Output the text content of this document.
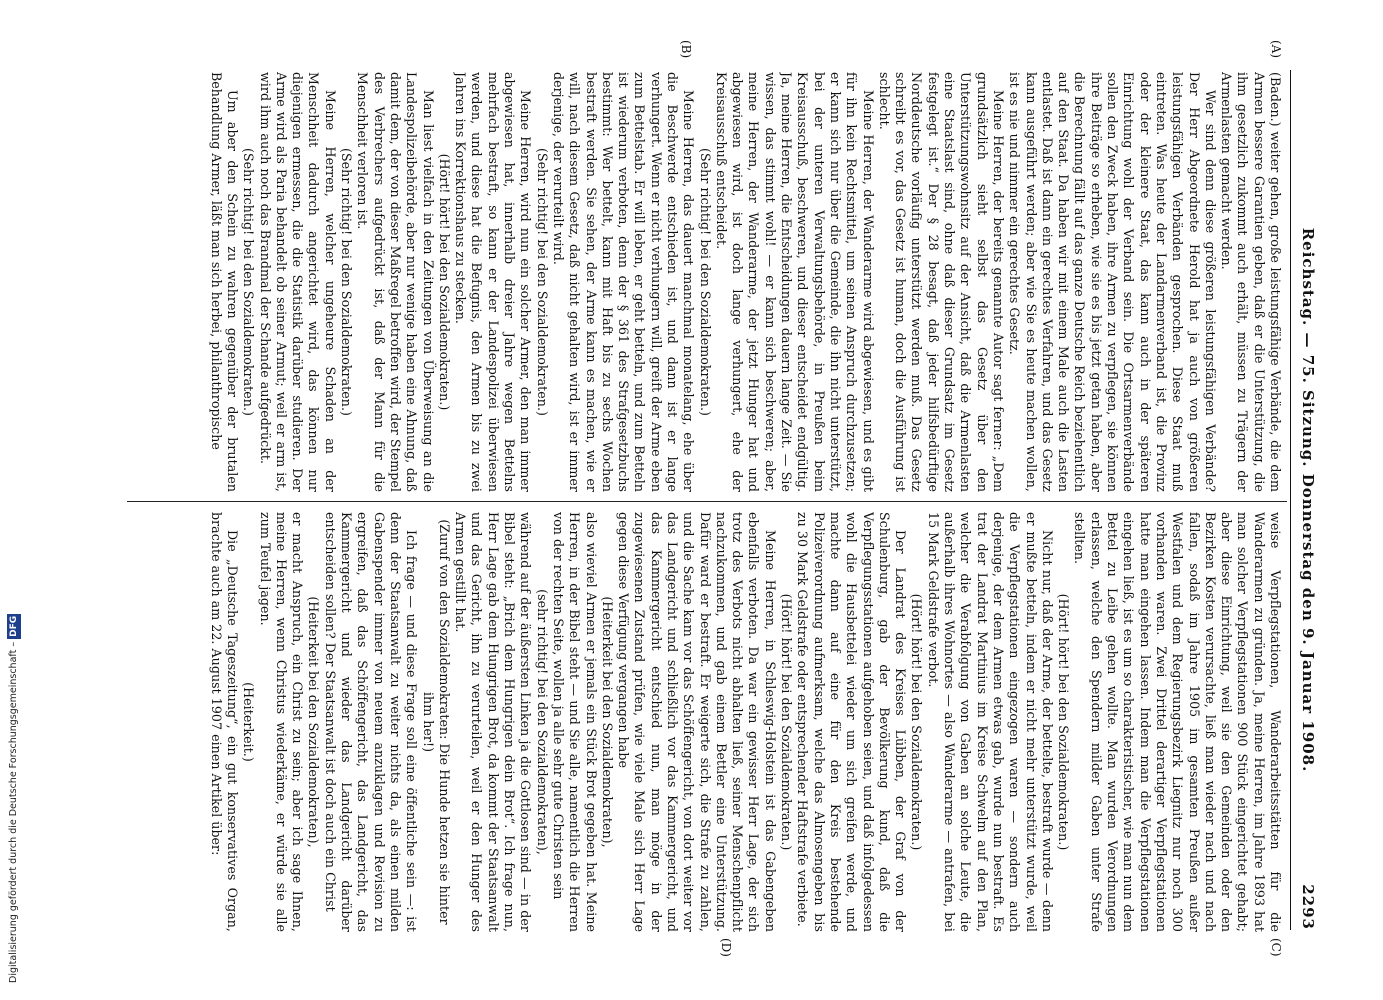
Digitalisierung gefördert durch die Deutsche Forschungsgemeinschaft – DFG	Reichstag. — 75. Sitzung. Donnerstag den 9. Januar 1908.
2293
(A)
(B)
(C)
(D)

(Baden.) weiter gehen, große leistungsfähige Verbände, die dem Armen bessere Garantien geben, daß er die Unterstützung, die ihm gesetzlich zukommt auch erhält, müssen zu Trägern der Armenlasten gemacht werden.

Wer sind denn diese größeren leistungsfähigen Verbände? Der Herr Abgeordnete Herold hat ja auch von größeren leistungsfähigen Verbänden gesprochen. Diese Staat muß eintreten. Was heute der Landarmenverband ist, die Provinz oder der kleinere Staat, das kann auch in der späteren Einrichtung wohl der Verband sein. Die Ortsarmenverbände sollen den Zweck haben, ihre Armen zu verpflegen, sie können ihre Beiträge so erheben, wie sie es bis jetzt getan haben, aber die Berechnung fällt auf das ganze Deutsche Reich beziehentlich auf den Staat. Da haben wir mit einem Male auch die Lasten entlastet. Daß ist dann ein gerechtes Verfahren, und das Gesetz kann ausgeführt werden; aber wie Sie es heute machen wollen, ist es nie und nimmer ein gerechtes Gesetz.

Meine Herren, der bereits genannte Autor sagt ferner: „Dem grundsätzlich sieht selbst das Gesetz über den Unterstützungswohnsitz auf der Ansicht, daß die Armenlasten eine Staatslast sind, ohne daß dieser Grundsatz im Gesetz festgelegt ist.“ Der § 28 besagt, daß jeder hilfsbedürftige Norddeutsche vorläufig unterstützt werden muß. Das Gesetz schreibt es vor, das Gesetz ist human, doch die Ausführung ist schlecht.

Meine Herren, der Wanderarme wird abgewiesen, und es gibt für ihn kein Rechtsmittel, um seinen Anspruch durchzusetzen; er kann sich nur über die Gemeinde, die ihn nicht unterstützt, bei der unteren Verwaltungsbehörde, in Preußen beim Kreisausschuß, beschweren, und dieser entscheidet endgültig. Ja, meine Herren, die Entscheidungen dauern lange Zeit. — Sie wissen, das stimmt wohl! — er kann sich beschweren; aber, meine Herren, der Wanderarme, der jetzt Hunger hat und abgewiesen wird, ist doch lange verhungert, ehe der Kreisausschuß entscheidet.

(Sehr richtig! bei den Sozialdemokraten.)

Meine Herren, das dauert manchmal monatelang, ehe über die Beschwerde entschieden ist, und dann ist er lange verhungert. Wenn er nicht verhungern will, greift der Arme eben zum Bettelstab. Er will leben, er geht betteln, und zum Betteln ist wiederum verboten, denn der § 361 des Strafgesetzbuchs bestimmt: Wer bettelt, kann mit Haft bis zu sechs Wochen bestraft werden. Sie sehen, der Arme kann es machen, wie er will, nach diesem Gesetz, daß nicht gehalten wird, ist er immer derjenige, der verurteilt wird.

(Sehr richtig! bei den Sozialdemokraten.)

Meine Herren, wird nun ein solcher Armer, den man immer abgewiesen hat, innerhalb dreier Jahre wegen Bettelns mehrfach bestraft, so kann er der Landespolizei überwiesen werden, und diese hat die Befugnis, den Armen bis zu zwei Jahren ins Korrektionshaus zu stecken.

(Hört! hört! bei den Sozialdemokraten.)

Man liest vielfach in den Zeitungen von Überweisung an die Landespolizeibehörde, aber nur wenige haben eine Ahnung, daß damit dem, der von dieser Maßregel betroffen wird, der Stempel des Verbrechers aufgedrückt ist, daß der Mann für die Menschheit verloren ist.

(Sehr richtig! bei den Sozialdemokraten.)

Meine Herren, welcher ungeheure Schaden an der Menschheit dadurch angerichtet wird, das können nur diejenigen ermessen, die die Statistik darüber studieren. Der Arme wird als Paria behandelt ob seiner Armut; weil er arm ist, wird ihm auch noch das Brandmal der Schande aufgedrückt.

(Sehr richtig! bei den Sozialdemokraten.)

Um aber den Schein zu wahren gegenüber der brutalen Behandlung Armer, läßt man sich herbei, philanthropische

weise Verpflegstationen, Wanderarbeitsstätten für die Wanderarmen zu gründen. Ja, meine Herren, im Jahre 1893 hat man solcher Verpflegstationen 900 Stück eingerichtet gehabt; aber diese Einrichtung, weil sie den Gemeinden oder den Bezirken Kosten verursachte, ließ man wieder nach und nach fallen, sodaß im Jahre 1905 im gesamten Preußen außer Westfalen und dem Regierungsbezirk Liegnitz nur noch 300 vorhanden waren. Zwei Drittel derartiger Verpflegstationen hatte man eingehen lassen. Indem man die Verpflegstationen eingehen ließ, ist es um so charakteristischer, wie man nun dem Bettel zu Leibe gehen wollte. Man wurden Verordnungen erlassen, welche den Spendern milder Gaben unter Strafe stellten.

(Hört! hört! bei den Sozialdemokraten.)

Nicht nur, daß der Arme, der bettelte, bestraft wurde — denn er mußte betteln, indem er nicht mehr unterstützt wurde, weil die Verpflegstationen eingezogen waren — sondern auch derjenige, der dem Armen etwas gab, wurde nun bestraft. Es trat der Landrat Martinius im Kreise Schwelm auf den Plan, welcher die Verabfolgung von Gaben an solche Leute, die außerhalb ihres Wohnortes — also Wanderarme — antrafen, bei 15 Mark Geldstrafe verbot.

(Hört! hört! bei den Sozialdemokraten.)

Der Landrat des Kreises Lübben, der Graf von der Schulenburg, gab der Bevölkerung kund, daß die Verpflegungsstationen aufgehoben seien, und daß infolgedessen wohl die Hausbettelei wieder um sich greifen werde, und machte dann auf eine für den Kreis bestehende Polizeiverordnung aufmerksam, welche das Almosengeben bis zu 30 Mark Geldstrafe oder entsprechender Haftstrafe verbiete.

(Hört! hört! bei den Sozialdemokraten.)

Meine Herren, in Schleswig-Holstein ist das Gabengeben ebenfalls verboten. Da war ein gewisser Herr Lage, der sich trotz des Verbots nicht abhalten ließ, seiner Menschenpflicht nachzukommen, und gab einem Bettler eine Unterstützung. Dafür ward er bestraft. Er weigerte sich, die Strafe zu zahlen, und die Sache kam vor das Schöffengericht, von dort weiter vor das Landgericht und schließlich vor das Kammergericht, und das Kammergericht entschied nun, man möge in der zugewiesenen Zustand prüfen, wie viele Male sich Herr Lage gegen diese Verfügung vergangen habe

(Heiterkeit bei den Sozialdemokraten),

also wieviel Armen er jemals ein Stück Brot gegeben hat. Meine Herren, in der Bibel steht — und Sie alle, namentlich die Herren von der rechten Seite, wollen ja alle sehr gute Christen sein

(sehr richtig! bei den Sozialdemokraten),

während auf der äußersten Linken ja die Gottlosen sind — in der Bibel steht: „Brich dem Hungrigen dein Brot“. Ich frage nun, Herr Lage gab dem Hungrigen Brot, da kommt der Staatsanwalt und das Gericht, ihn zu verurteilen, weil er den Hunger des Armen gestillt hat.

(Zuruf von den Sozialdemokraten: Die Hunde hetzen sie hinter ihm her!)

Ich frage — und diese Frage soll eine öffentliche sein —: ist denn der Staatsanwalt zu weiter nichts da, als einen milden Gabenspender immer von neuem anzuklagen und Revision zu ergreifen, daß das Schöffengericht, das Landgericht, das Kammergericht und wieder das Landgericht darüber entscheiden sollen? Der Staatsanwalt ist doch auch ein Christ

(Heiterkeit bei den Sozialdemokraten),

er macht Anspruch, ein Christ zu sein; aber ich sage Ihnen, meine Herren, wenn Christus wiederkäme, er würde sie alle zum Teufel jagen.

(Heiterkeit.)

Die „Deutsche Tageszeitung“, ein gut konservatives Organ, brachte auch am 22. August 1907 einen Artikel über:
